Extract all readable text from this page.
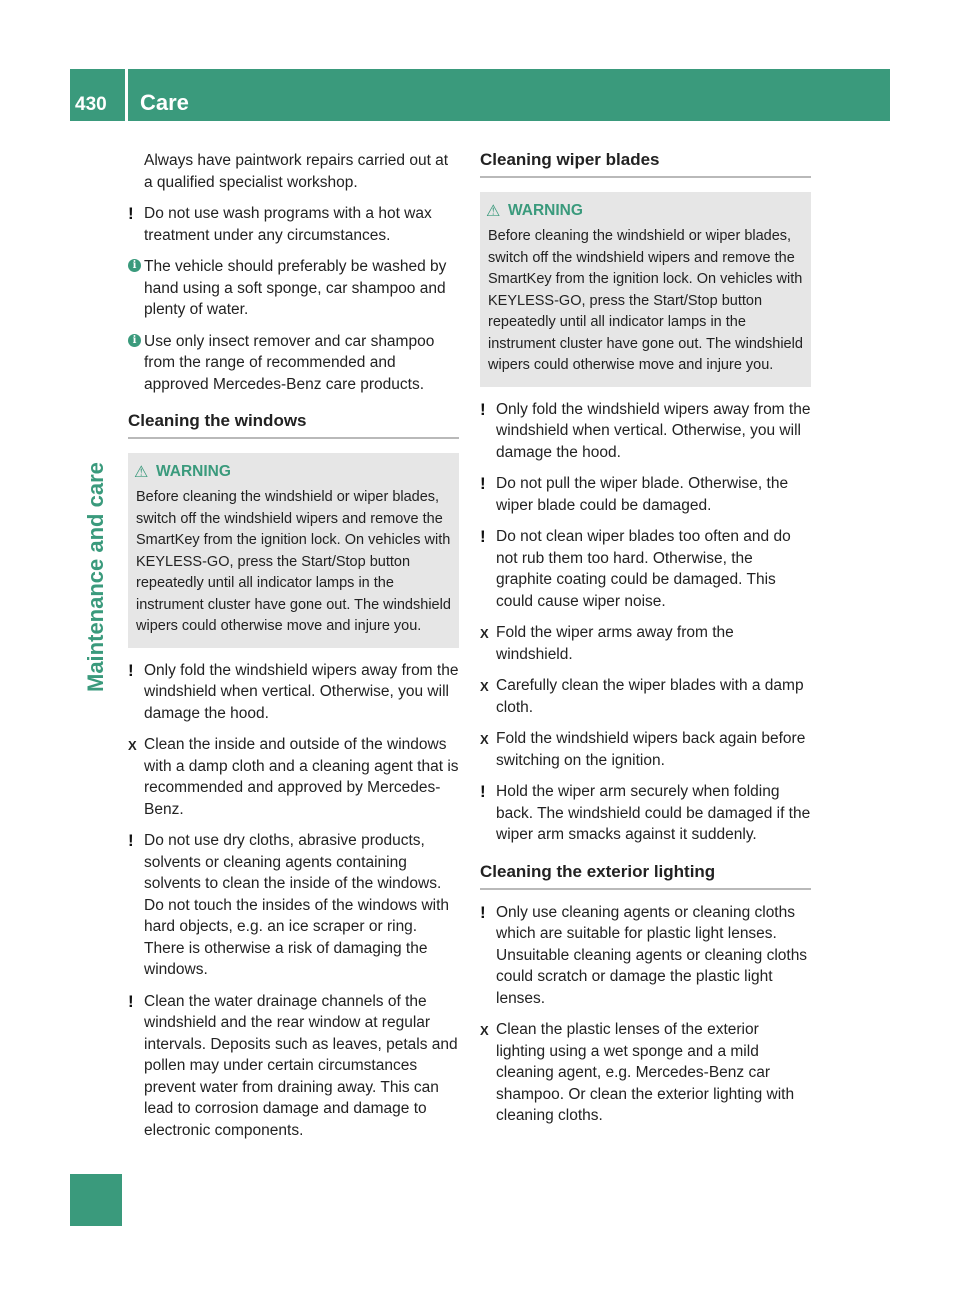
430 Care
Maintenance and care

Always have paintwork repairs carried out at a qualified specialist workshop.

! Do not use wash programs with a hot wax treatment under any circumstances.

i The vehicle should preferably be washed by hand using a soft sponge, car shampoo and plenty of water.

i Use only insect remover and car shampoo from the range of recommended and approved Mercedes-Benz care products.

Cleaning the windows
⚠ WARNING

Before cleaning the windshield or wiper blades, switch off the windshield wipers and remove the SmartKey from the ignition lock. On vehicles with KEYLESS-GO, press the Start/Stop button repeatedly until all indicator lamps in the instrument cluster have gone out. The windshield wipers could otherwise move and injure you.

! Only fold the windshield wipers away from the windshield when vertical. Otherwise, you will damage the hood.

X Clean the inside and outside of the windows with a damp cloth and a cleaning agent that is recommended and approved by Mercedes-Benz.

! Do not use dry cloths, abrasive products, solvents or cleaning agents containing solvents to clean the inside of the windows. Do not touch the insides of the windows with hard objects, e.g. an ice scraper or ring. There is otherwise a risk of damaging the windows.

! Clean the water drainage channels of the windshield and the rear window at regular intervals. Deposits such as leaves, petals and pollen may under certain circumstances prevent water from draining away. This can lead to corrosion damage and damage to electronic components.

Cleaning wiper blades
⚠ WARNING

Before cleaning the windshield or wiper blades, switch off the windshield wipers and remove the SmartKey from the ignition lock. On vehicles with KEYLESS-GO, press the Start/Stop button repeatedly until all indicator lamps in the instrument cluster have gone out. The windshield wipers could otherwise move and injure you.

! Only fold the windshield wipers away from the windshield when vertical. Otherwise, you will damage the hood.

! Do not pull the wiper blade. Otherwise, the wiper blade could be damaged.

! Do not clean wiper blades too often and do not rub them too hard. Otherwise, the graphite coating could be damaged. This could cause wiper noise.

X Fold the wiper arms away from the windshield.

X Carefully clean the wiper blades with a damp cloth.

X Fold the windshield wipers back again before switching on the ignition.

! Hold the wiper arm securely when folding back. The windshield could be damaged if the wiper arm smacks against it suddenly.

Cleaning the exterior lighting

! Only use cleaning agents or cleaning cloths which are suitable for plastic light lenses. Unsuitable cleaning agents or cleaning cloths could scratch or damage the plastic light lenses.

X Clean the plastic lenses of the exterior lighting using a wet sponge and a mild cleaning agent, e.g. Mercedes-Benz car shampoo. Or clean the exterior lighting with cleaning cloths.
